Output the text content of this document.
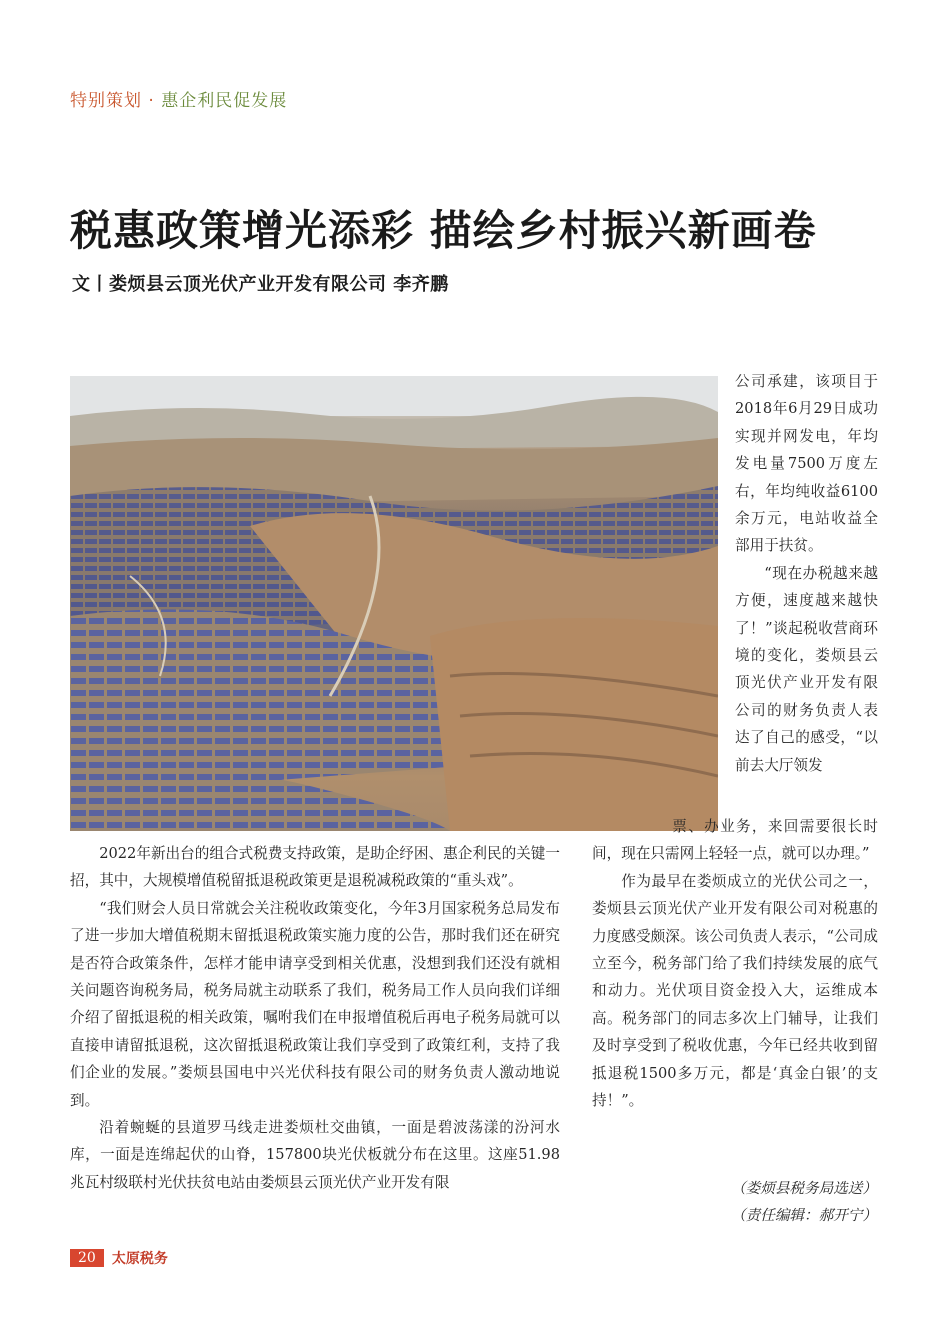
特别策划 · 惠企利民促发展
税惠政策增光添彩 描绘乡村振兴新画卷
文丨娄烦县云顶光伏产业开发有限公司 李齐鹏

公司承建，该项目于2018年6月29日成功实现并网发电，年均发电量7500万度左右，年均纯收益6100余万元，电站收益全部用于扶贫。

“现在办税越来越方便，速度越来越快了！”谈起税收营商环境的变化，娄烦县云顶光伏产业开发有限公司的财务负责人表达了自己的感受，“以前去大厅领发

2022年新出台的组合式税费支持政策，是助企纾困、惠企利民的关键一招，其中，大规模增值税留抵退税政策更是退税减税政策的“重头戏”。

“我们财会人员日常就会关注税收政策变化，今年3月国家税务总局发布了进一步加大增值税期末留抵退税政策实施力度的公告，那时我们还在研究是否符合政策条件，怎样才能申请享受到相关优惠，没想到我们还没有就相关问题咨询税务局，税务局就主动联系了我们，税务局工作人员向我们详细介绍了留抵退税的相关政策，嘱咐我们在申报增值税后再电子税务局就可以直接申请留抵退税，这次留抵退税政策让我们享受到了政策红利，支持了我们企业的发展。”娄烦县国电中兴光伏科技有限公司的财务负责人激动地说到。

沿着蜿蜒的县道罗马线走进娄烦杜交曲镇，一面是碧波荡漾的汾河水库，一面是连绵起伏的山脊，157800块光伏板就分布在这里。这座51.98兆瓦村级联村光伏扶贫电站由娄烦县云顶光伏产业开发有限

票、办业务，来回需要很长时间，现在只需网上轻轻一点，就可以办理。”

作为最早在娄烦成立的光伏公司之一，娄烦县云顶光伏产业开发有限公司对税惠的力度感受颇深。该公司负责人表示，“公司成立至今，税务部门给了我们持续发展的底气和动力。光伏项目资金投入大，运维成本高。税务部门的同志多次上门辅导，让我们及时享受到了税收优惠，今年已经共收到留抵退税1500多万元，都是‘真金白银’的支持！”。

（娄烦县税务局选送）
（责任编辑：郝开宁）
20	太原税务
